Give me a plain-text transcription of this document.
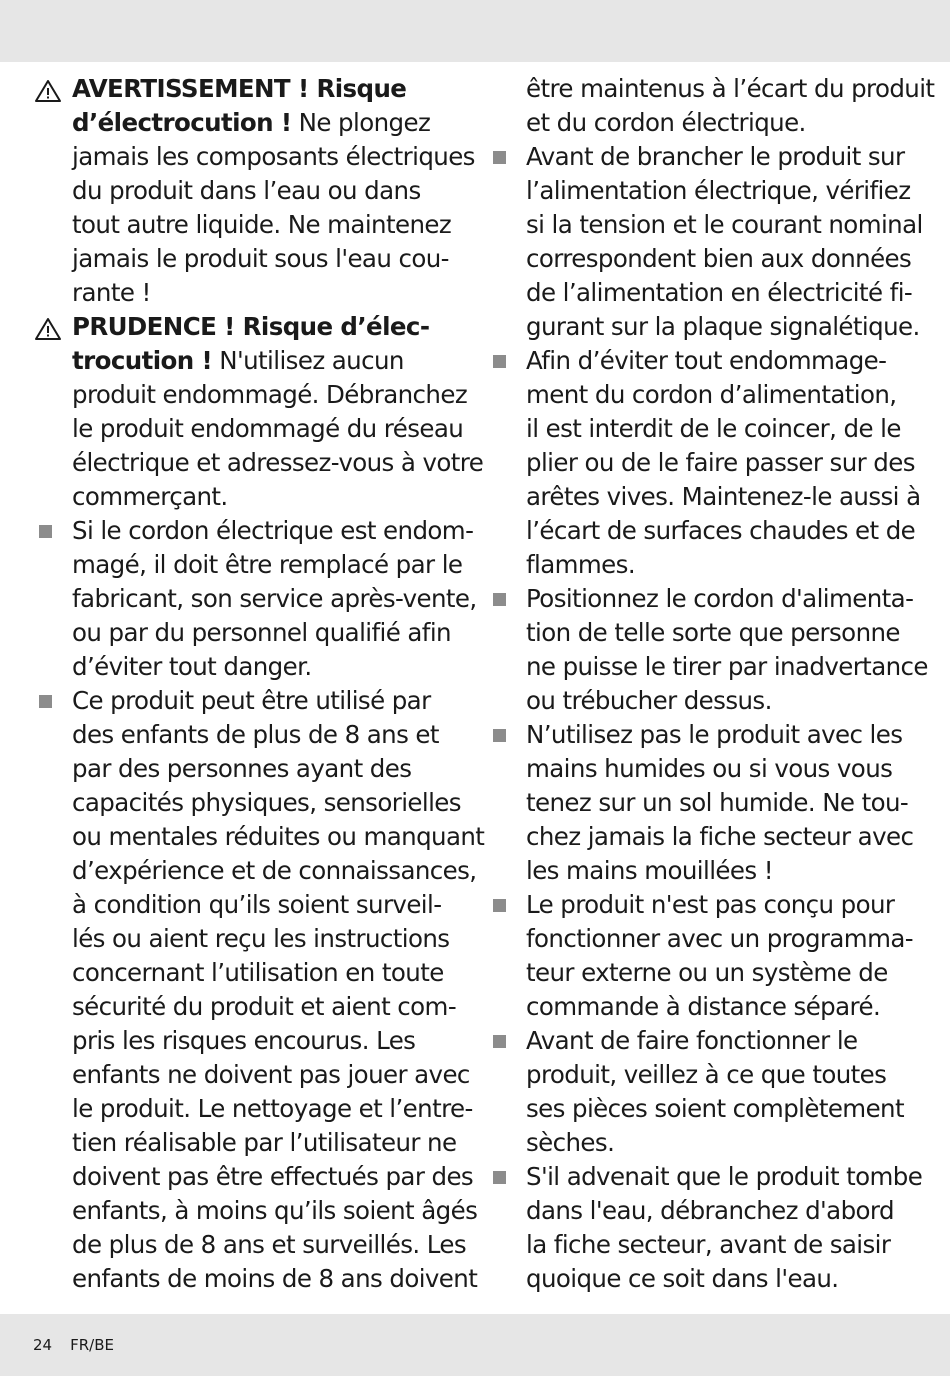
AVERTISSEMENT ! Risque
d’électrocution ! Ne plongez
jamais les composants électriques
du produit dans l’eau ou dans
tout autre liquide. Ne maintenez
jamais le produit sous l'eau cou-
rante !
PRUDENCE ! Risque d’élec-
trocution ! N'utilisez aucun
produit endommagé. Débranchez
le produit endommagé du réseau
électrique et adressez-vous à votre
commerçant.
Si le cordon électrique est endom-
magé, il doit être remplacé par le
fabricant, son service après-vente,
ou par du personnel qualifié afin
d’éviter tout danger.
Ce produit peut être utilisé par
des enfants de plus de 8 ans et
par des personnes ayant des
capacités physiques, sensorielles
ou mentales réduites ou manquant
d’expérience et de connaissances,
à condition qu’ils soient surveil-
lés ou aient reçu les instructions
concernant l’utilisation en toute
sécurité du produit et aient com-
pris les risques encourus. Les
enfants ne doivent pas jouer avec
le produit. Le nettoyage et l’entre-
tien réalisable par l’utilisateur ne
doivent pas être effectués par des
enfants, à moins qu’ils soient âgés
de plus de 8 ans et surveillés. Les
enfants de moins de 8 ans doivent
être maintenus à l’écart du produit
et du cordon électrique.
Avant de brancher le produit sur
l’alimentation électrique, vérifiez
si la tension et le courant nominal
correspondent bien aux données
de l’alimentation en électricité fi-
gurant sur la plaque signalétique.
Afin d’éviter tout endommage-
ment du cordon d’alimentation,
il est interdit de le coincer, de le
plier ou de le faire passer sur des
arêtes vives. Maintenez-le aussi à
l’écart de surfaces chaudes et de
flammes.
Positionnez le cordon d'alimenta-
tion de telle sorte que personne
ne puisse le tirer par inadvertance
ou trébucher dessus.
N’utilisez pas le produit avec les
mains humides ou si vous vous
tenez sur un sol humide. Ne tou-
chez jamais la fiche secteur avec
les mains mouillées !
Le produit n'est pas conçu pour
fonctionner avec un programma-
teur externe ou un système de
commande à distance séparé.
Avant de faire fonctionner le
produit, veillez à ce que toutes
ses pièces soient complètement
sèches.
S'il advenait que le produit tombe
dans l'eau, débranchez d'abord
la fiche secteur, avant de saisir
quoique ce soit dans l'eau.
24 FR/BE
